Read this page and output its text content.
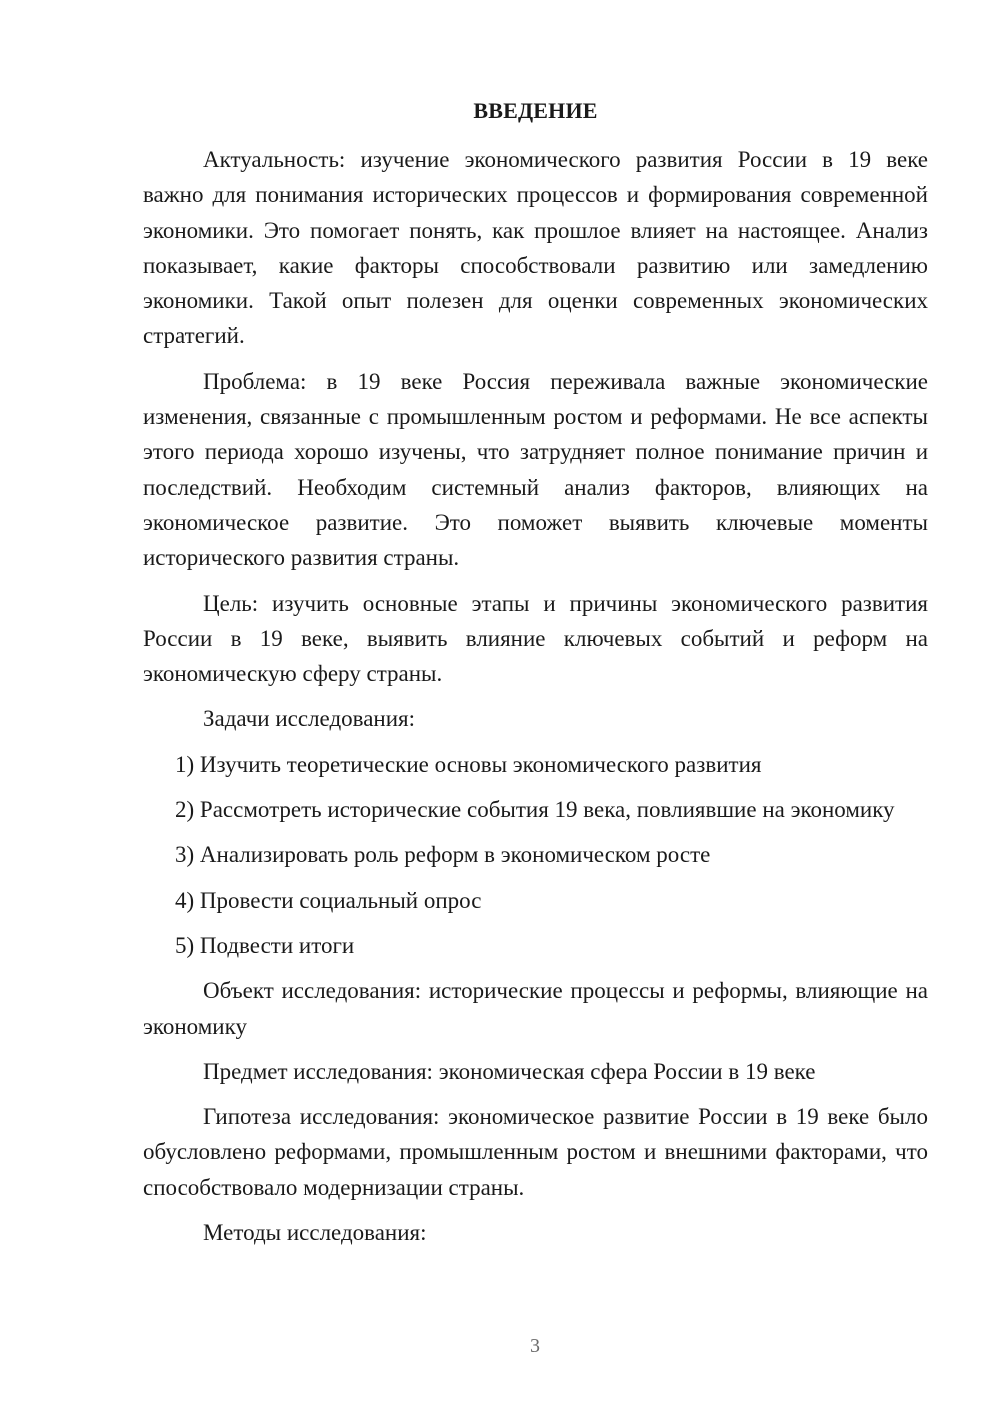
ВВЕДЕНИЕ

Актуальность: изучение экономического развития России в 19 веке важно для понимания исторических процессов и формирования современной экономики. Это помогает понять, как прошлое влияет на настоящее. Анализ показывает, какие факторы способствовали развитию или замедлению экономики. Такой опыт полезен для оценки современных экономических стратегий.

Проблема: в 19 веке Россия переживала важные экономические изменения, связанные с промышленным ростом и реформами. Не все аспекты этого периода хорошо изучены, что затрудняет полное понимание причин и последствий. Необходим системный анализ факторов, влияющих на экономическое развитие. Это поможет выявить ключевые моменты исторического развития страны.

Цель: изучить основные этапы и причины экономического развития России в 19 веке, выявить влияние ключевых событий и реформ на экономическую сферу страны.

Задачи исследования:

1) Изучить теоретические основы экономического развития

2) Рассмотреть исторические события 19 века, повлиявшие на экономику

3) Анализировать роль реформ в экономическом росте

4) Провести социальный опрос

5) Подвести итоги

Объект исследования: исторические процессы и реформы, влияющие на экономику

Предмет исследования: экономическая сфера России в 19 веке

Гипотеза исследования: экономическое развитие России в 19 веке было обусловлено реформами, промышленным ростом и внешними факторами, что способствовало модернизации страны.

Методы исследования:

3
